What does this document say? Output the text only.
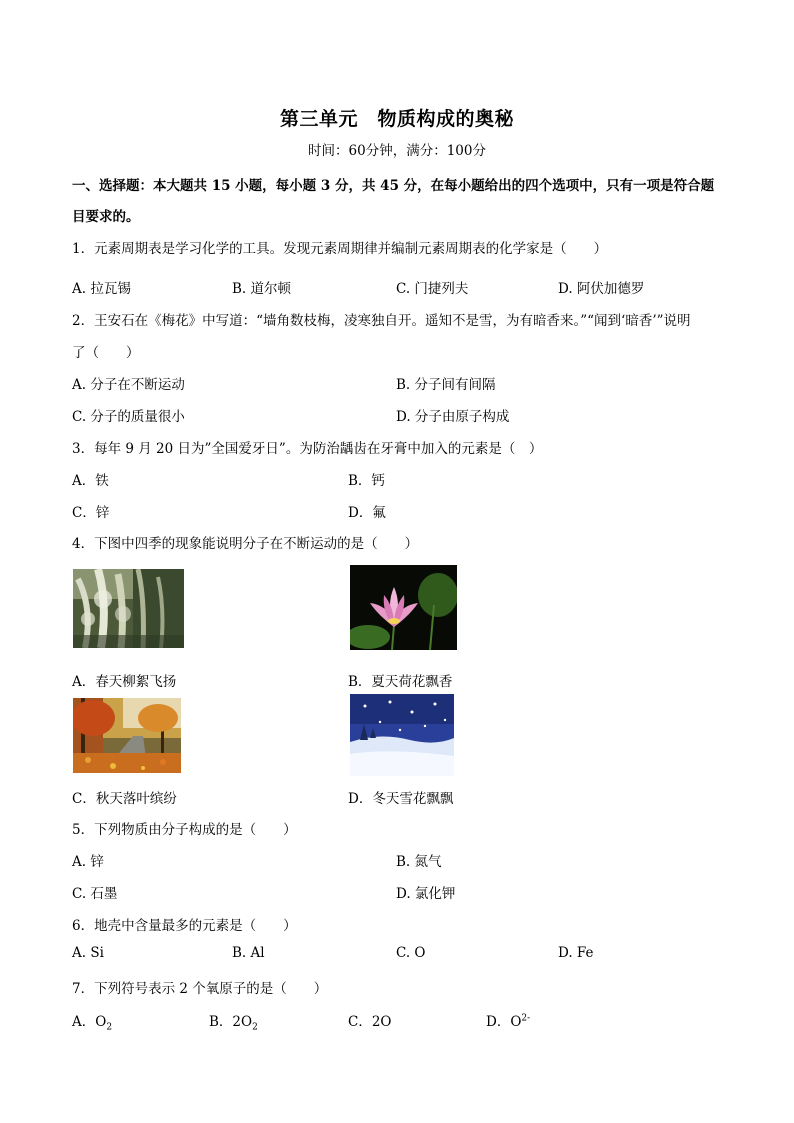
第三单元　物质构成的奥秘
时间：60分钟，满分：100分
一、选择题：本大题共 15 小题，每小题 3 分，共 45 分，在每小题给出的四个选项中，只有一项是符合题
目要求的。
1．元素周期表是学习化学的工具。发现元素周期律并编制元素周期表的化学家是（　　）
A. 拉瓦锡	B. 道尔顿	C. 门捷列夫	D. 阿伏加德罗
2．王安石在《梅花》中写道：“墙角数枝梅，凌寒独自开。遥知不是雪，为有暗香来。”“闻到‘暗香’”说明
了（　　）
A. 分子在不断运动	B. 分子间有间隔
C. 分子的质量很小	D. 分子由原子构成
3．每年 9 月 20 日为”全国爱牙日”。为防治龋齿在牙膏中加入的元素是（　）
A．铁	B．钙
C．锌	D．氟
4．下图中四季的现象能说明分子在不断运动的是（　　）
A．春天柳絮飞扬	B．夏天荷花飘香
C．秋天落叶缤纷	D．冬天雪花飘飘
5．下列物质由分子构成的是（　　）
A. 锌	B. 氮气
C. 石墨	D. 氯化钾
6．地壳中含量最多的元素是（　　）
A. Si	B. Al	C. O	D. Fe
7．下列符号表示 2 个氧原子的是（　　）
A．$O_2$	B．$2O_2$	C．2O	D．$O^{2-}$
